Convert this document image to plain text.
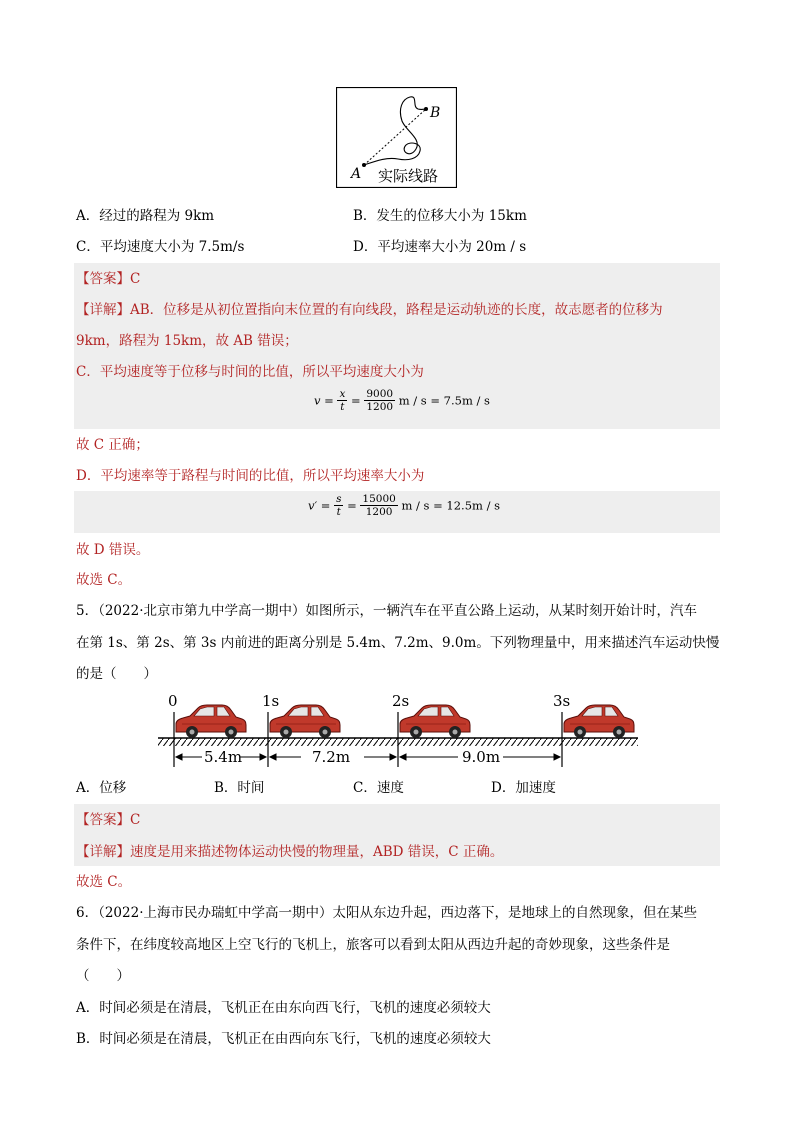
B
A 实际线路
A．经过的路程为 9km	B．发生的位移大小为 15km
C．平均速度大小为 7.5m/s	D．平均速率大小为 20m / s
【答案】C
【详解】AB．位移是从初位置指向末位置的有向线段，路程是运动轨迹的长度，故志愿者的位移为
9km，路程为 15km，故 AB 错误；
C．平均速度等于位移与时间的比值，所以平均速度大小为
$v = \frac{x}{t} = \frac{9000}{1200}$ m / s = 7.5m / s
故 C 正确；
D．平均速率等于路程与时间的比值，所以平均速率大小为
$v' = \frac{s}{t} = \frac{15000}{1200}$ m / s = 12.5m / s
故 D 错误。
故选 C。
5．（2022·北京市第九中学高一期中）如图所示，一辆汽车在平直公路上运动，从某时刻开始计时，汽车
在第 1s、第 2s、第 3s 内前进的距离分别是 5.4m、7.2m、9.0m。下列物理量中，用来描述汽车运动快慢
的是（　　）
0	1s	2s	3s
5.4m	7.2m	9.0m
A．位移	B．时间	C．速度	D．加速度
【答案】C
【详解】速度是用来描述物体运动快慢的物理量，ABD 错误，C 正确。
故选 C。
6．（2022·上海市民办瑞虹中学高一期中）太阳从东边升起，西边落下，是地球上的自然现象，但在某些
条件下，在纬度较高地区上空飞行的飞机上，旅客可以看到太阳从西边升起的奇妙现象，这些条件是
（　　）
A．时间必须是在清晨，飞机正在由东向西飞行，飞机的速度必须较大
B．时间必须是在清晨，飞机正在由西向东飞行，飞机的速度必须较大
